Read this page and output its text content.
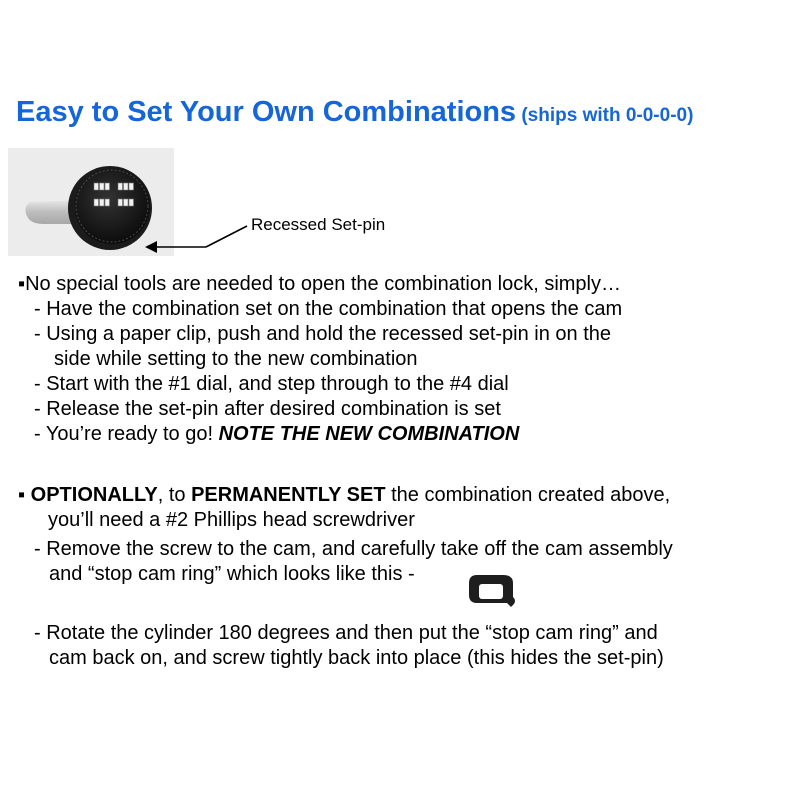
Easy to Set Your Own Combinations (ships with 0-0-0-0)
Recessed Set-pin
▪No special tools are needed to open the combination lock, simply…
- Have the combination set on the combination that opens the cam
- Using a paper clip, push and hold the recessed set-pin in on the
side while setting to the new combination
- Start with the #1 dial, and step through to the #4 dial
- Release the set-pin after desired combination is set
- You’re ready to go! NOTE THE NEW COMBINATION
▪ OPTIONALLY, to PERMANENTLY SET the combination created above,
you’ll need a #2 Phillips head screwdriver
- Remove the screw to the cam, and carefully take off the cam assembly
and “stop cam ring” which looks like this -
- Rotate the cylinder 180 degrees and then put the “stop cam ring” and
cam back on, and screw tightly back into place (this hides the set-pin)
